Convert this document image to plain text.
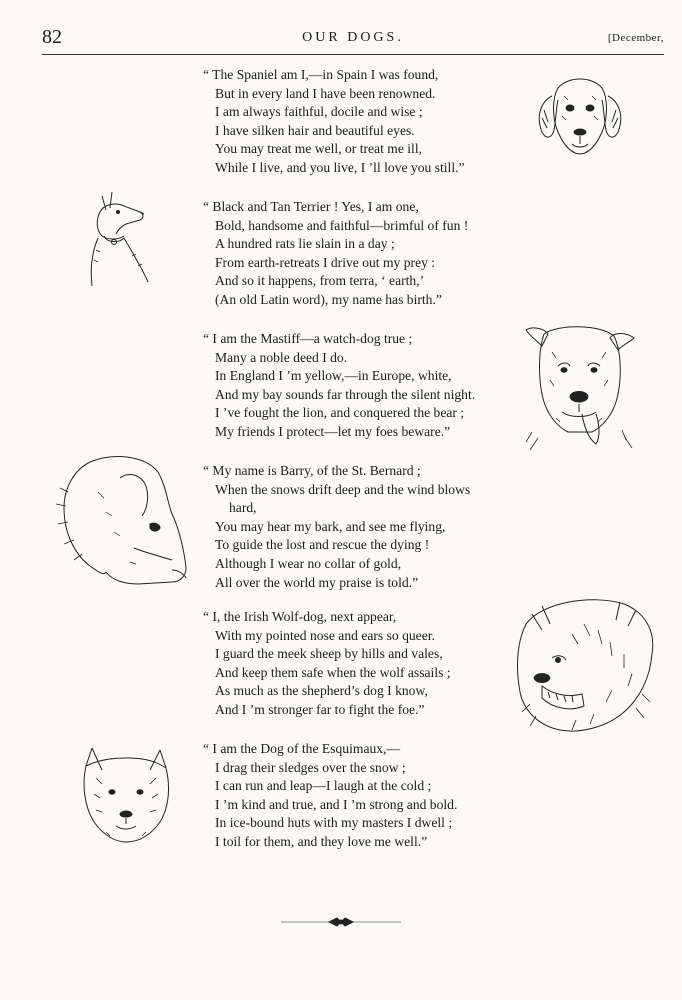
82	OUR DOGS.	[December,
“ The Spaniel am I,—in Spain I was found,
But in every land I have been renowned.
I am always faithful, docile and wise ;
I have silken hair and beautiful eyes.
You may treat me well, or treat me ill,
While I live, and you live, I ’ll love you still.”
“ Black and Tan Terrier ! Yes, I am one,
Bold, handsome and faithful—brimful of fun !
A hundred rats lie slain in a day ;
From earth-retreats I drive out my prey :
And so it happens, from terra, ‘ earth,’
(An old Latin word), my name has birth.”
“ I am the Mastiff—a watch-dog true ;
Many a noble deed I do.
In England I ’m yellow,—in Europe, white,
And my bay sounds far through the silent night.
I ’ve fought the lion, and conquered the bear ;
My friends I protect—let my foes beware.”
“ My name is Barry, of the St. Bernard ;
When the snows drift deep and the wind blows
hard,
You may hear my bark, and see me flying,
To guide the lost and rescue the dying !
Although I wear no collar of gold,
All over the world my praise is told.”
“ I, the Irish Wolf-dog, next appear,
With my pointed nose and ears so queer.
I guard the meek sheep by hills and vales,
And keep them safe when the wolf assails ;
As much as the shepherd’s dog I know,
And I ’m stronger far to fight the foe.”
“ I am the Dog of the Esquimaux,—
I drag their sledges over the snow ;
I can run and leap—I laugh at the cold ;
I ’m kind and true, and I ’m strong and bold.
In ice-bound huts with my masters I dwell ;
I toil for them, and they love me well.”
